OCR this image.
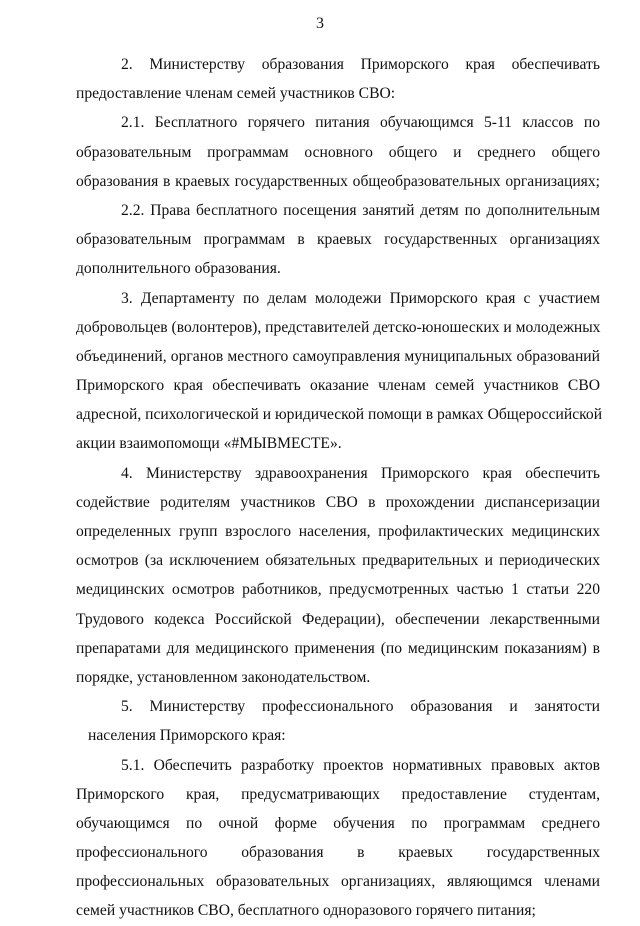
3
2. Министерству образования Приморского края обеспечивать
предоставление членам семей участников СВО:
2.1. Бесплатного горячего питания обучающимся 5-11 классов по
образовательным программам основного общего и среднего общего
образования в краевых государственных общеобразовательных организациях;
2.2. Права бесплатного посещения занятий детям по дополнительным
образовательным программам в краевых государственных организациях
дополнительного образования.
3. Департаменту по делам молодежи Приморского края с участием
добровольцев (волонтеров), представителей детско-юношеских и молодежных
объединений, органов местного самоуправления муниципальных образований
Приморского края обеспечивать оказание членам семей участников СВО
адресной, психологической и юридической помощи в рамках Общероссийской
акции взаимопомощи «#МЫВМЕСТЕ».
4. Министерству здравоохранения Приморского края обеспечить
содействие родителям участников СВО в прохождении диспансеризации
определенных групп взрослого населения, профилактических медицинских
осмотров (за исключением обязательных предварительных и периодических
медицинских осмотров работников, предусмотренных частью 1 статьи 220
Трудового кодекса Российской Федерации), обеспечении лекарственными
препаратами для медицинского применения (по медицинским показаниям) в
порядке, установленном законодательством.
5. Министерству профессионального образования и занятости
населения Приморского края:
5.1. Обеспечить разработку проектов нормативных правовых актов
Приморского края, предусматривающих предоставление студентам,
обучающимся по очной форме обучения по программам среднего
профессионального образования в краевых государственных
профессиональных образовательных организациях, являющимся членами
семей участников СВО, бесплатного одноразового горячего питания;
